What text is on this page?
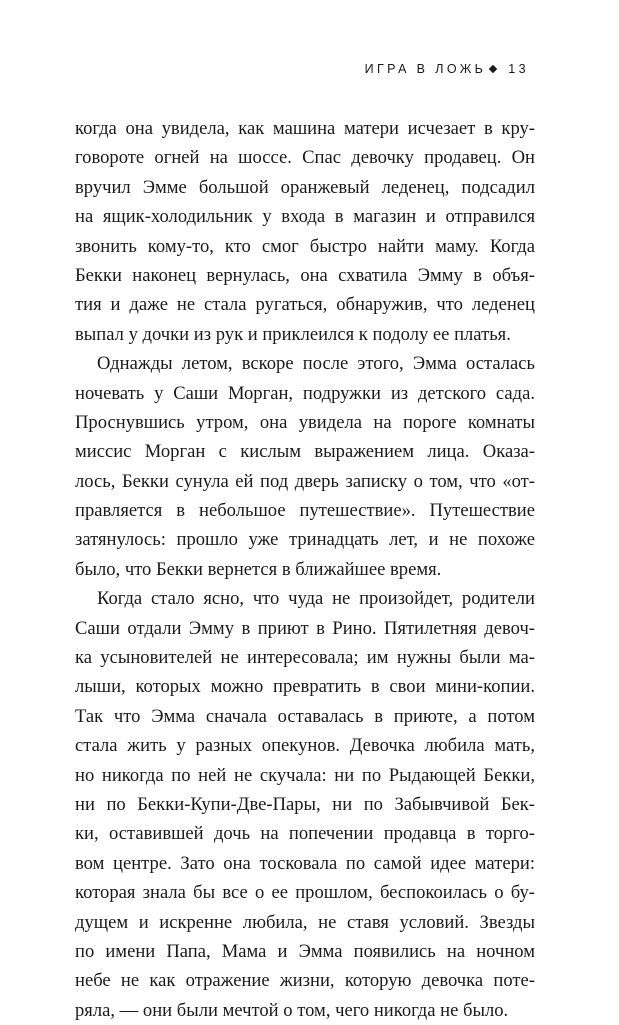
ИГРА В ЛОЖЬ 13
когда она увидела, как машина матери исчезает в кру-
говороте огней на шоссе. Спас девочку продавец. Он
вручил Эмме большой оранжевый леденец, подсадил
на ящик-холодильник у входа в магазин и отправился
звонить кому-то, кто смог быстро найти маму. Когда
Бекки наконец вернулась, она схватила Эмму в объя-
тия и даже не стала ругаться, обнаружив, что леденец
выпал у дочки из рук и приклеился к подолу ее платья.
Однажды летом, вскоре после этого, Эмма осталась
ночевать у Саши Морган, подружки из детского сада.
Проснувшись утром, она увидела на пороге комнаты
миссис Морган с кислым выражением лица. Оказа-
лось, Бекки сунула ей под дверь записку о том, что «от-
правляется в небольшое путешествие». Путешествие
затянулось: прошло уже тринадцать лет, и не похоже
было, что Бекки вернется в ближайшее время.
Когда стало ясно, что чуда не произойдет, родители
Саши отдали Эмму в приют в Рино. Пятилетняя девоч-
ка усыновителей не интересовала; им нужны были ма-
лыши, которых можно превратить в свои мини-копии.
Так что Эмма сначала оставалась в приюте, а потом
стала жить у разных опекунов. Девочка любила мать,
но никогда по ней не скучала: ни по Рыдающей Бекки,
ни по Бекки-Купи-Две-Пары, ни по Забывчивой Бек-
ки, оставившей дочь на попечении продавца в торго-
вом центре. Зато она тосковала по самой идее матери:
которая знала бы все о ее прошлом, беспокоилась о бу-
дущем и искренне любила, не ставя условий. Звезды
по имени Папа, Мама и Эмма появились на ночном
небе не как отражение жизни, которую девочка поте-
ряла, — они были мечтой о том, чего никогда не было.
